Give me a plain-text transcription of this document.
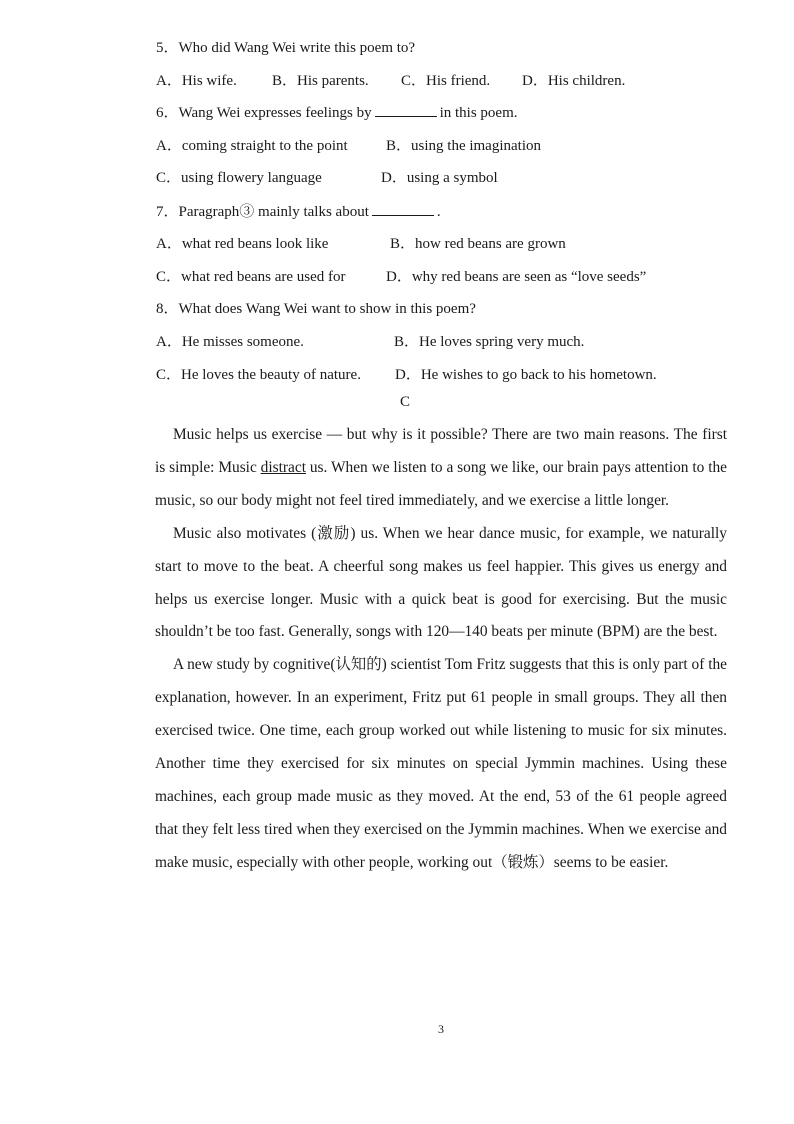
5．Who did Wang Wei write this poem to?
A．His wife. B．His parents. C．His friend. D．His children.
6．Wang Wei expresses feelings by	in this poem.
A．coming straight to the point	B．using the imagination
C．using flowery language	D．using a symbol
7．Paragraph③ mainly talks about	.
A．what red beans look like	B．how red beans are grown
C．what red beans are used for	D．why red beans are seen as “love seeds”
8．What does Wang Wei want to show in this poem?
A．He misses someone.	B．He loves spring very much.
C．He loves the beauty of nature. D．He wishes to go back to his hometown.
C

Music helps us exercise — but why is it possible? There are two main reasons. The first is simple: Music distract us. When we listen to a song we like, our brain pays attention to the music, so our body might not feel tired immediately, and we exercise a little longer.

Music also motivates (激励) us. When we hear dance music, for example, we naturally start to move to the beat. A cheerful song makes us feel happier. This gives us energy and helps us exercise longer. Music with a quick beat is good for exercising. But the music shouldn’t be too fast. Generally, songs with 120—140 beats per minute (BPM) are the best.

A new study by cognitive(认知的) scientist Tom Fritz suggests that this is only part of the explanation, however. In an experiment, Fritz put 61 people in small groups. They all then exercised twice. One time, each group worked out while listening to music for six minutes. Another time they exercised for six minutes on special Jymmin machines. Using these machines, each group made music as they moved. At the end, 53 of the 61 people agreed that they felt less tired when they exercised on the Jymmin machines. When we exercise and make music, especially with other people, working out（锻炼）seems to be easier.

3
